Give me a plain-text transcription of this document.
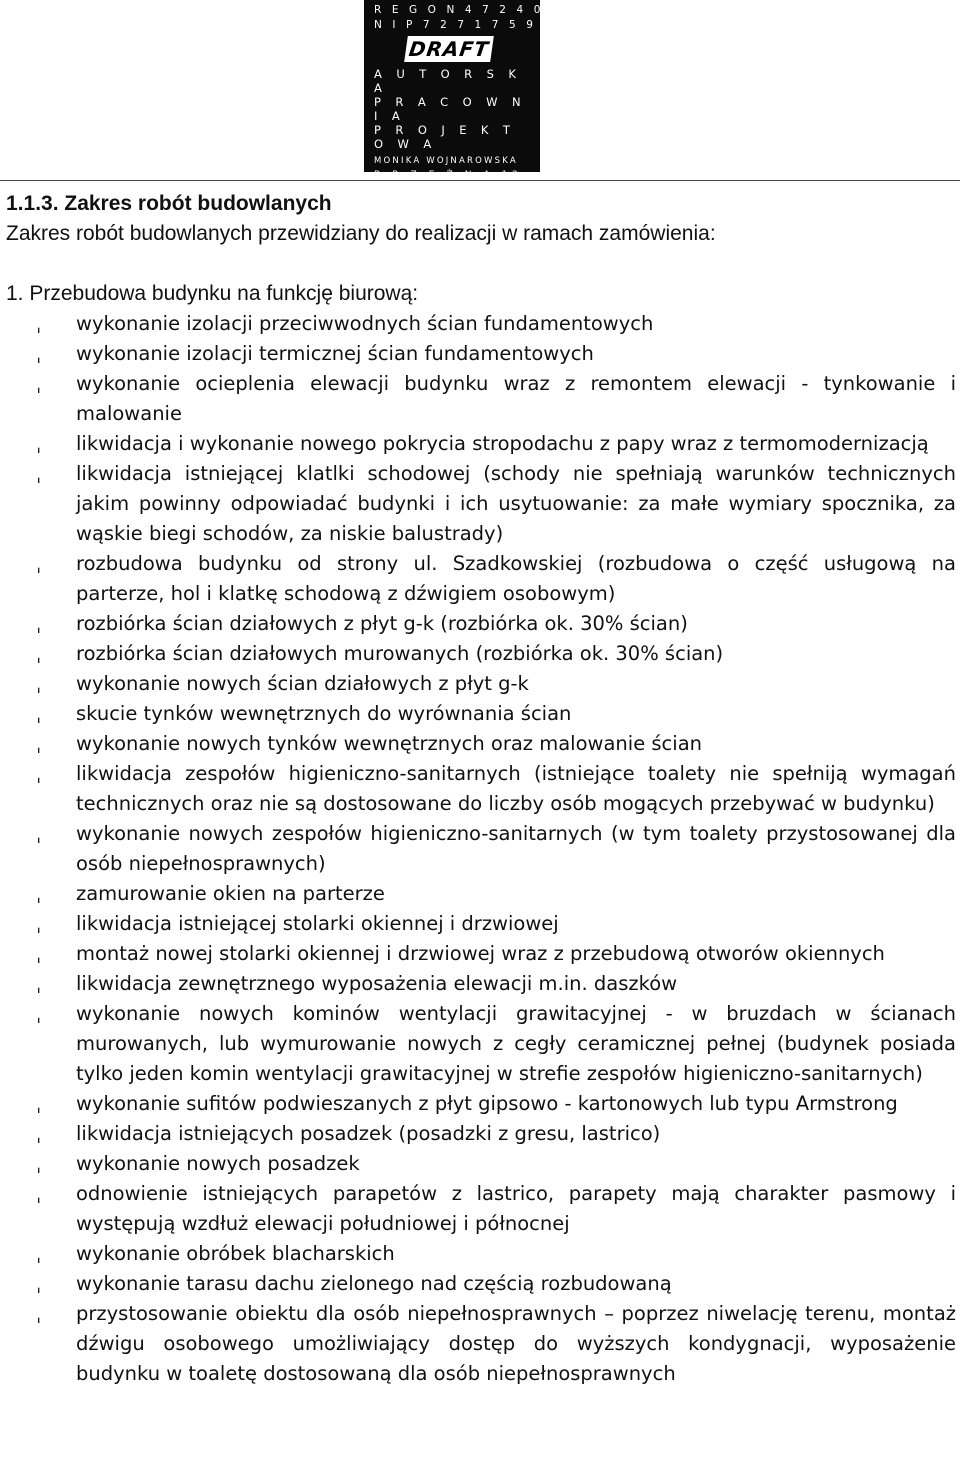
R E G O N 4 7 2 4 0 2 5 3 7
N I P 7 2 7 1 7 5 9 6 1 1
DRAFT
A U T O R S K A
P R A C O W N I A
P R O J E K T O W A
MONIKA WOJNAROWSKA
B R Z E Ź N A 12 M. 5
9 0 - 3 0 3 Ł Ó D Ź
1.1.3. Zakres robót budowlanych
Zakres robót budowlanych przewidziany do realizacji w ramach zamówienia:
1. Przebudowa budynku na funkcję biurową:
ˌ	wykonanie izolacji przeciwwodnych ścian fundamentowych
ˌ	wykonanie izolacji termicznej ścian fundamentowych
ˌ	wykonanie ocieplenia elewacji budynku wraz z remontem elewacji - tynkowanie i malowanie
ˌ	likwidacja i wykonanie nowego pokrycia stropodachu z papy wraz z termomodernizacją
ˌ	likwidacja istniejącej klatlki schodowej (schody nie spełniają warunków technicznych jakim powinny odpowiadać budynki i ich usytuowanie: za małe wymiary spocznika, za wąskie biegi schodów, za niskie balustrady)
ˌ	rozbudowa budynku od strony ul. Szadkowskiej (rozbudowa o część usługową na parterze, hol i klatkę schodową z dźwigiem osobowym)
ˌ	rozbiórka ścian działowych z płyt g-k (rozbiórka ok. 30% ścian)
ˌ	rozbiórka ścian działowych murowanych (rozbiórka ok. 30% ścian)
ˌ	wykonanie nowych ścian działowych z płyt g-k
ˌ	skucie tynków wewnętrznych do wyrównania ścian
ˌ	wykonanie nowych tynków wewnętrznych oraz malowanie ścian
ˌ	likwidacja zespołów higieniczno-sanitarnych (istniejące toalety nie spełniją wymagań technicznych oraz nie są dostosowane do liczby osób mogących przebywać w budynku)
ˌ	wykonanie nowych zespołów higieniczno-sanitarnych (w tym toalety przystosowanej dla osób niepełnosprawnych)
ˌ	zamurowanie okien na parterze
ˌ	likwidacja istniejącej stolarki okiennej i drzwiowej
ˌ	montaż nowej stolarki okiennej i drzwiowej wraz z przebudową otworów okiennych
ˌ	likwidacja zewnętrznego wyposażenia elewacji m.in. daszków
ˌ	wykonanie nowych kominów wentylacji grawitacyjnej - w bruzdach w ścianach murowanych, lub wymurowanie nowych z cegły ceramicznej pełnej (budynek posiada tylko jeden komin wentylacji grawitacyjnej w strefie zespołów higieniczno-sanitarnych)
ˌ	wykonanie sufitów podwieszanych z płyt gipsowo - kartonowych lub typu Armstrong
ˌ	likwidacja istniejących posadzek (posadzki z gresu, lastrico)
ˌ	wykonanie nowych posadzek
ˌ	odnowienie istniejących parapetów z lastrico, parapety mają charakter pasmowy i występują wzdłuż elewacji południowej i północnej
ˌ	wykonanie obróbek blacharskich
ˌ	wykonanie tarasu dachu zielonego nad częścią rozbudowaną
ˌ	przystosowanie obiektu dla osób niepełnosprawnych – poprzez niwelację terenu, montaż dźwigu osobowego umożliwiający dostęp do wyższych kondygnacji, wyposażenie budynku w toaletę dostosowaną dla osób niepełnosprawnych
